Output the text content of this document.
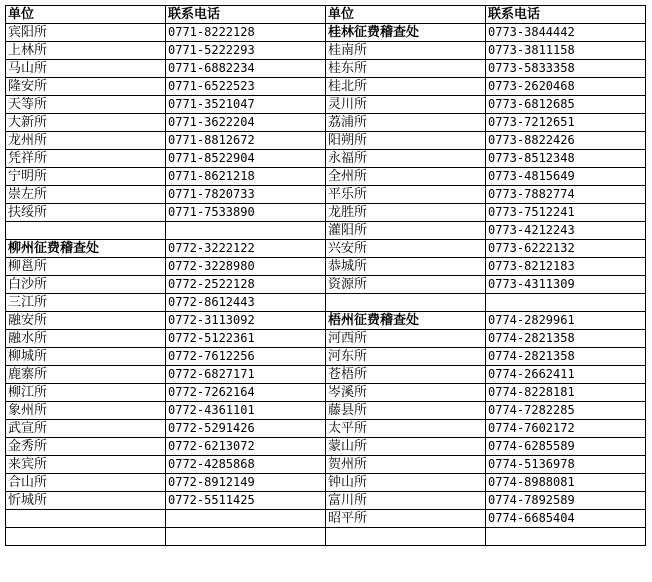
单位	联系电话	单位	联系电话
宾阳所	0771-8222128	桂林征费稽查处	0773-3844442
上林所	0771-5222293	桂南所	0773-3811158
马山所	0771-6882234	桂东所	0773-5833358
隆安所	0771-6522523	桂北所	0773-2620468
天等所	0771-3521047	灵川所	0773-6812685
大新所	0771-3622204	荔浦所	0773-7212651
龙州所	0771-8812672	阳朔所	0773-8822426
凭祥所	0771-8522904	永福所	0773-8512348
宁明所	0771-8621218	全州所	0773-4815649
崇左所	0771-7820733	平乐所	0773-7882774
扶绥所	0771-7533890	龙胜所	0773-7512241
		灌阳所	0773-4212243
柳州征费稽查处	0772-3222122	兴安所	0773-6222132
柳邕所	0772-3228980	恭城所	0773-8212183
白沙所	0772-2522128	资源所	0773-4311309
三江所	0772-8612443		
融安所	0772-3113092	梧州征费稽查处	0774-2829961
融水所	0772-5122361	河西所	0774-2821358
柳城所	0772-7612256	河东所	0774-2821358
鹿寨所	0772-6827171	苍梧所	0774-2662411
柳江所	0772-7262164	岑溪所	0774-8228181
象州所	0772-4361101	藤县所	0774-7282285
武宣所	0772-5291426	太平所	0774-7602172
金秀所	0772-6213072	蒙山所	0774-6285589
来宾所	0772-4285868	贺州所	0774-5136978
合山所	0772-8912149	钟山所	0774-8988081
忻城所	0772-5511425	富川所	0774-7892589
		昭平所	0774-6685404
